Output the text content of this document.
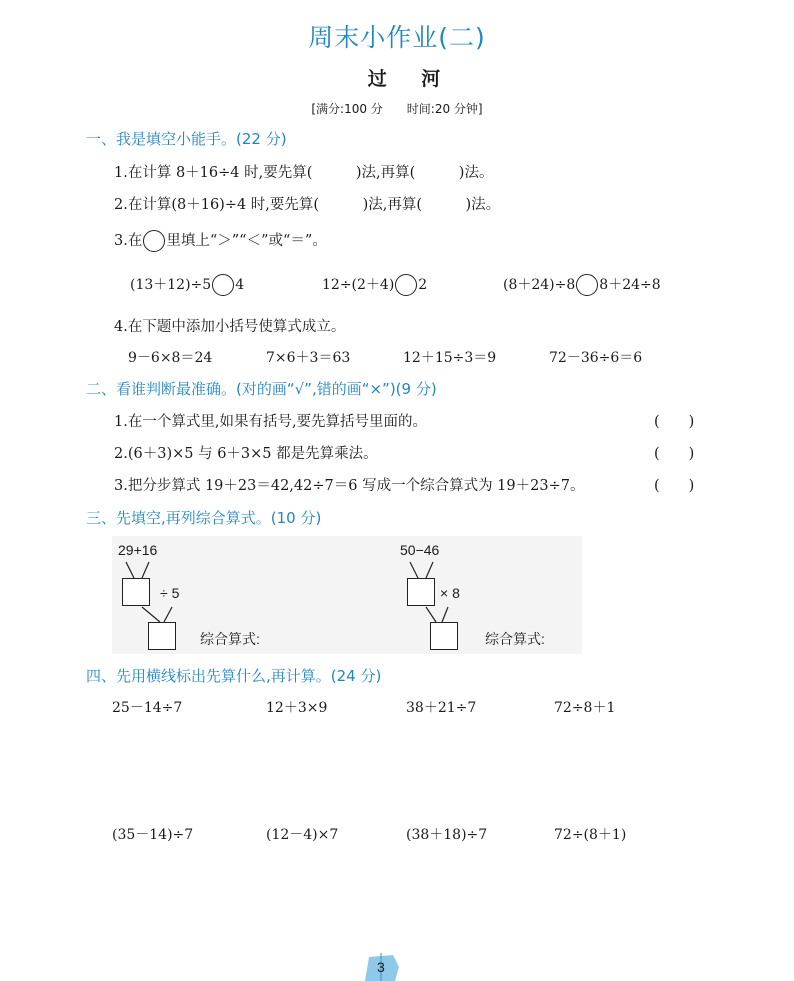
周末小作业(二)
过 河
[满分:100 分　　时间:20 分钟]
一、我是填空小能手。(22 分)
1.在计算 8＋16÷4 时,要先算(　　　)法,再算(　　　)法。
2.在计算(8＋16)÷4 时,要先算(　　　)法,再算(　　　)法。
3.在 里填上“＞”“＜”或“＝”。
(13＋12)÷5 4	12÷(2＋4) 2	(8＋24)÷8 8＋24÷8
4.在下题中添加小括号使算式成立。
9－6×8＝24	7×6＋3＝63	12＋15÷3＝9	72－36÷6＝6
二、看谁判断最准确。(对的画“√”,错的画“×”)(9 分)
1.在一个算式里,如果有括号,要先算括号里面的。	(　　)
2.(6＋3)×5 与 6＋3×5 都是先算乘法。	(　　)
3.把分步算式 19＋23＝42,42÷7＝6 写成一个综合算式为 19＋23÷7。	(　　)
三、先填空,再列综合算式。(10 分)
29+16
÷ 5
综合算式:
50−46
× 8
综合算式:
四、先用横线标出先算什么,再计算。(24 分)
25－14÷7	12＋3×9	38＋21÷7	72÷8＋1
(35－14)÷7	(12－4)×7	(38＋18)÷7	72÷(8＋1)
3
